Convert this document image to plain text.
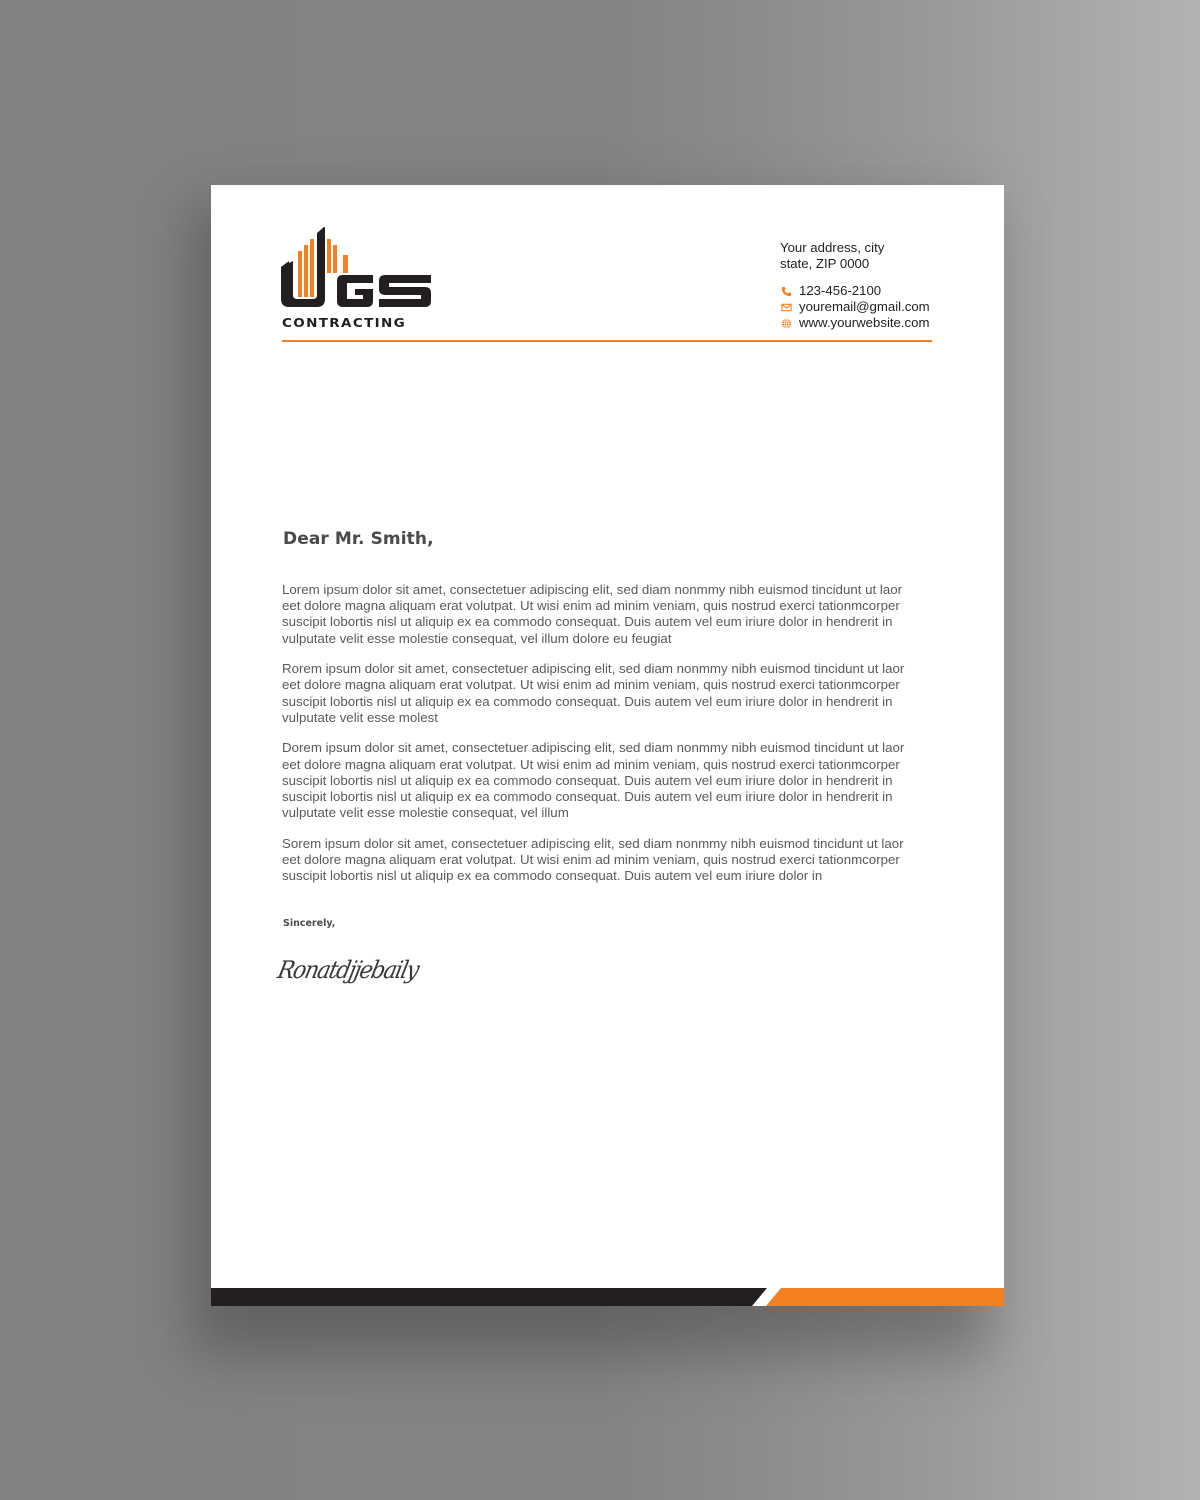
CONTRACTING
Your address, city
state, ZIP 0000
123-456-2100
youremail@gmail.com
www.yourwebsite.com
Dear Mr. Smith,

Lorem ipsum dolor sit amet, consectetuer adipiscing elit, sed diam nonmmy nibh euismod tincidunt ut laor
eet dolore magna aliquam erat volutpat. Ut wisi enim ad minim veniam, quis nostrud exerci tationmcorper
suscipit lobortis nisl ut aliquip ex ea commodo consequat. Duis autem vel eum iriure dolor in hendrerit in
vulputate velit esse molestie consequat, vel illum dolore eu feugiat

Rorem ipsum dolor sit amet, consectetuer adipiscing elit, sed diam nonmmy nibh euismod tincidunt ut laor
eet dolore magna aliquam erat volutpat. Ut wisi enim ad minim veniam, quis nostrud exerci tationmcorper
suscipit lobortis nisl ut aliquip ex ea commodo consequat. Duis autem vel eum iriure dolor in hendrerit in
vulputate velit esse molest

Dorem ipsum dolor sit amet, consectetuer adipiscing elit, sed diam nonmmy nibh euismod tincidunt ut laor
eet dolore magna aliquam erat volutpat. Ut wisi enim ad minim veniam, quis nostrud exerci tationmcorper
suscipit lobortis nisl ut aliquip ex ea commodo consequat. Duis autem vel eum iriure dolor in hendrerit in
suscipit lobortis nisl ut aliquip ex ea commodo consequat. Duis autem vel eum iriure dolor in hendrerit in
vulputate velit esse molestie consequat, vel illum

Sorem ipsum dolor sit amet, consectetuer adipiscing elit, sed diam nonmmy nibh euismod tincidunt ut laor
eet dolore magna aliquam erat volutpat. Ut wisi enim ad minim veniam, quis nostrud exerci tationmcorper
suscipit lobortis nisl ut aliquip ex ea commodo consequat. Duis autem vel eum iriure dolor in

Sincerely,
Ronatdjjebaily
